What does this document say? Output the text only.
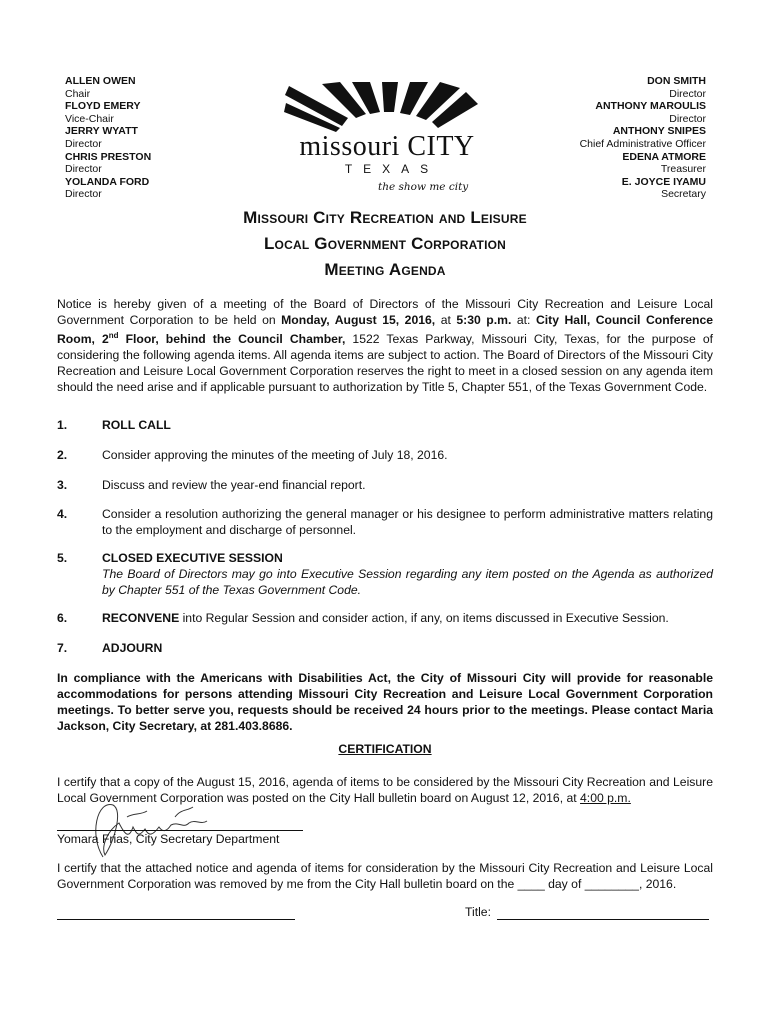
ALLEN OWEN
Chair
FLOYD EMERY
Vice-Chair
JERRY WYATT
Director
CHRIS PRESTON
Director
YOLANDA FORD
Director
DON SMITH
Director
ANTHONY MAROULIS
Director
ANTHONY SNIPES
Chief Administrative Officer
EDENA ATMORE
Treasurer
E. JOYCE IYAMU
Secretary
missouri CITY
TEXAS
the show me city
Missouri City Recreation and Leisure
Local Government Corporation
Meeting Agenda
Notice is hereby given of a meeting of the Board of Directors of the Missouri City Recreation and Leisure Local Government Corporation to be held on Monday, August 15, 2016, at 5:30 p.m. at: City Hall, Council Conference Room, 2nd Floor, behind the Council Chamber, 1522 Texas Parkway, Missouri City, Texas, for the purpose of considering the following agenda items. All agenda items are subject to action. The Board of Directors of the Missouri City Recreation and Leisure Local Government Corporation reserves the right to meet in a closed session on any agenda item should the need arise and if applicable pursuant to authorization by Title 5, Chapter 551, of the Texas Government Code.
1.	ROLL CALL
2.	Consider approving the minutes of the meeting of July 18, 2016.
3.	Discuss and review the year-end financial report.
4.	Consider a resolution authorizing the general manager or his designee to perform administrative matters relating to the employment and discharge of personnel.
5.	CLOSED EXECUTIVE SESSION
The Board of Directors may go into Executive Session regarding any item posted on the Agenda as authorized by Chapter 551 of the Texas Government Code.
6.	RECONVENE into Regular Session and consider action, if any, on items discussed in Executive Session.
7.	ADJOURN
In compliance with the Americans with Disabilities Act, the City of Missouri City will provide for reasonable accommodations for persons attending Missouri City Recreation and Leisure Local Government Corporation meetings. To better serve you, requests should be received 24 hours prior to the meetings. Please contact Maria Jackson, City Secretary, at 281.403.8686.
CERTIFICATION
I certify that a copy of the August 15, 2016, agenda of items to be considered by the Missouri City Recreation and Leisure Local Government Corporation was posted on the City Hall bulletin board on August 12, 2016, at 4:00 p.m.
Yomara Frias, City Secretary Department
I certify that the attached notice and agenda of items for consideration by the Missouri City Recreation and Leisure Local Government Corporation was removed by me from the City Hall bulletin board on the ____ day of ________, 2016.
Title:
